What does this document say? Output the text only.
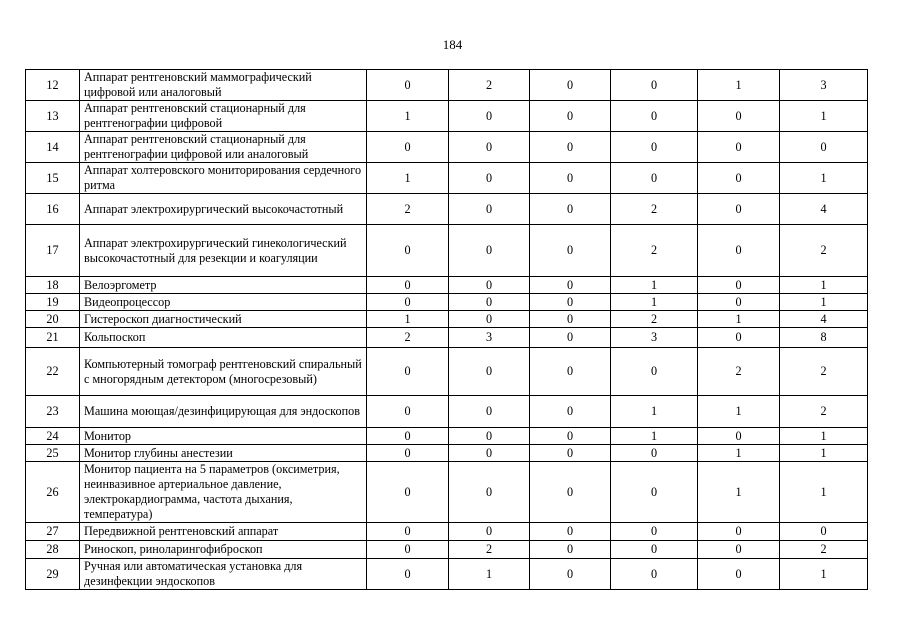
184
12	Аппарат рентгеновский маммографический цифровой или аналоговый	0	2	0	0	1	3
13	Аппарат рентгеновский стационарный для рентгенографии цифровой	1	0	0	0	0	1
14	Аппарат рентгеновский стационарный для рентгенографии цифровой или аналоговый	0	0	0	0	0	0
15	Аппарат холтеровского мониторирования сердечного ритма	1	0	0	0	0	1
16	Аппарат электрохирургический высокочастотный	2	0	0	2	0	4
17	Аппарат электрохирургический гинекологический высокочастотный для резекции и коагуляции	0	0	0	2	0	2
18	Велоэргометр	0	0	0	1	0	1
19	Видеопроцессор	0	0	0	1	0	1
20	Гистероскоп диагностический	1	0	0	2	1	4
21	Кольпоскоп	2	3	0	3	0	8
22	Компьютерный томограф рентгеновский спиральный с многорядным детектором (многосрезовый)	0	0	0	0	2	2
23	Машина моющая/дезинфицирующая для эндоскопов	0	0	0	1	1	2
24	Монитор	0	0	0	1	0	1
25	Монитор глубины анестезии	0	0	0	0	1	1
26	Монитор пациента на 5 параметров (оксиметрия, неинвазивное артериальное давление, электрокардиограмма, частота дыхания, температура)	0	0	0	0	1	1
27	Передвижной рентгеновский аппарат	0	0	0	0	0	0
28	Риноскоп, риноларингофиброскоп	0	2	0	0	0	2
29	Ручная или автоматическая установка для дезинфекции эндоскопов	0	1	0	0	0	1
